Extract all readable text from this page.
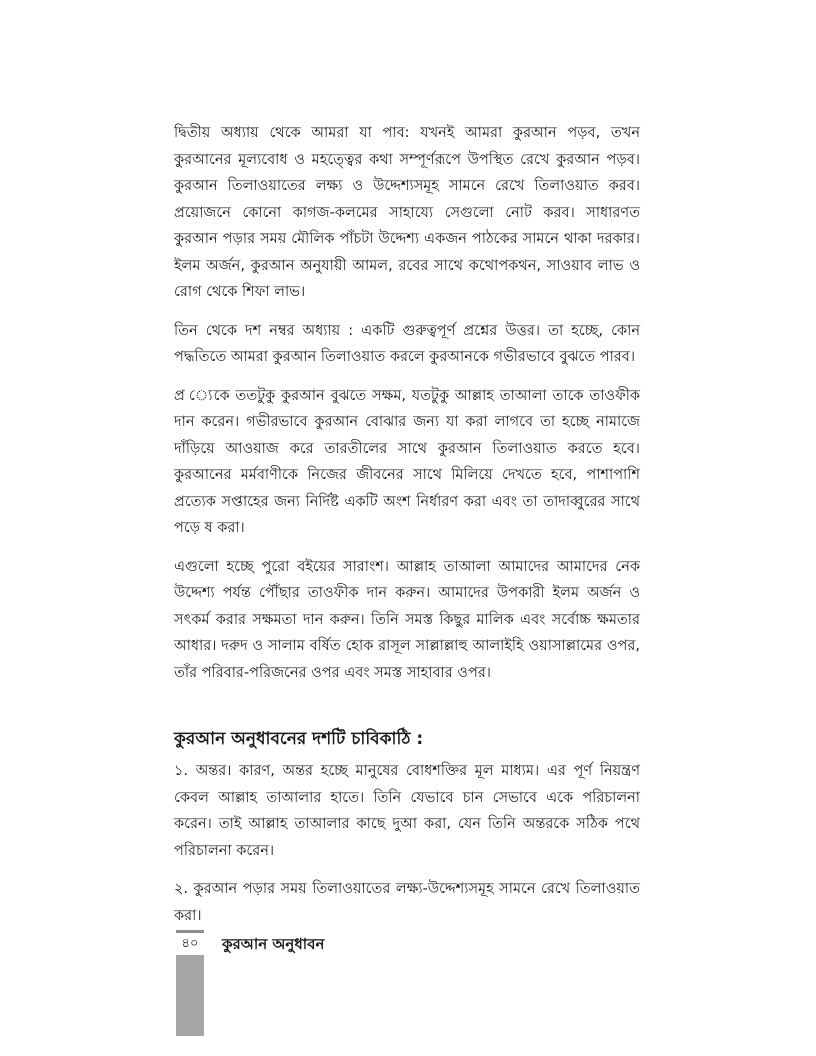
দ্বিতীয় অধ্যায় থেকে আমরা যা পাব: যখনই আমরা কুরআন পড়ব, তখন কুরআনের মূল্যবোধ ও মহত্ত্বের কথা সম্পূর্ণরূপে উপস্থিত রেখে কুরআন পড়ব। কুরআন তিলাওয়াতের লক্ষ্য ও উদ্দেশ্যসমূহ সামনে রেখে তিলাওয়াত করব। প্রয়োজনে কোনো কাগজ-কলমের সাহায্যে সেগুলো নোট করব। সাধারণত কুরআন পড়ার সময় মৌলিক পাঁচটা উদ্দেশ্য একজন পাঠকের সামনে থাকা দরকার। ইলম অর্জন, কুরআন অনুযায়ী আমল, রবের সাথে কথোপকথন, সাওয়াব লাভ ও রোগ থেকে শিফা লাভ।

তিন থেকে দশ নম্বর অধ্যায় : একটি গুরুত্বপূর্ণ প্রশ্নের উত্তর। তা হচ্ছে, কোন পদ্ধতিতে আমরা কুরআন তিলাওয়াত করলে কুরআনকে গভীরভাবে বুঝতে পারব।

প্র ্যেকে ততটুকু কুরআন বুঝতে সক্ষম, যতটুকু আল্লাহ তাআলা তাকে তাওফীক দান করেন। গভীরভাবে কুরআন বোঝার জন্য যা করা লাগবে তা হচ্ছে নামাজে দাঁড়িয়ে আওয়াজ করে তারতীলের সাথে কুরআন তিলাওয়াত করতে হবে। কুরআনের মর্মবাণীকে নিজের জীবনের সাথে মিলিয়ে দেখতে হবে, পাশাপাশি প্রত্যেক সপ্তাহের জন্য নির্দিষ্ট একটি অংশ নির্ধারণ করা এবং তা তাদাব্বুরের সাথে পড়ে ষ করা।

এগুলো হচ্ছে পুরো বইয়ের সারাংশ। আল্লাহ তাআলা আমাদের আমাদের নেক উদ্দেশ্য পর্যন্ত পৌঁছার তাওফীক দান করুন। আমাদের উপকারী ইলম অর্জন ও সৎকর্ম করার সক্ষমতা দান করুন। তিনি সমস্ত কিছুর মালিক এবং সর্বোচ্চ ক্ষমতার আধার। দরুদ ও সালাম বর্ষিত হোক রাসূল সাল্লাল্লাহু আলাইহি ওয়াসাল্লামের ওপর, তাঁর পরিবার-পরিজনের ওপর এবং সমস্ত সাহাবার ওপর।

কুরআন অনুধাবনের দশটি চাবিকাঠি :

১. অন্তর। কারণ, অন্তর হচ্ছে মানুষের বোধশক্তির মূল মাধ্যম। এর পূর্ণ নিয়ন্ত্রণ কেবল আল্লাহ তাআলার হাতে। তিনি যেভাবে চান সেভাবে একে পরিচালনা করেন। তাই আল্লাহ তাআলার কাছে দুআ করা, যেন তিনি অন্তরকে সঠিক পথে পরিচালনা করেন।

২. কুরআন পড়ার সময় তিলাওয়াতের লক্ষ্য-উদ্দেশ্যসমূহ সামনে রেখে তিলাওয়াত করা।

৪০	কুরআন অনুধাবন
